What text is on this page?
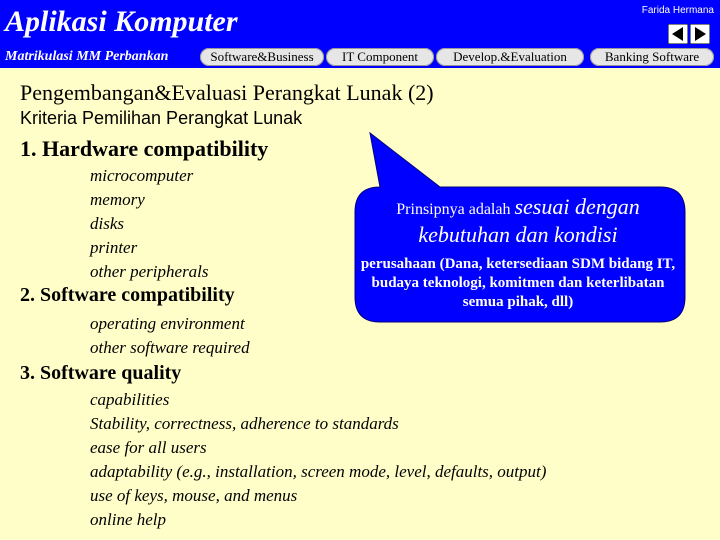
Aplikasi Komputer	Farida Hermana
Matrikulasi MM Perbankan	Software&Business	IT Component	Develop.&Evaluation	Banking Software
Pengembangan&Evaluasi Perangkat Lunak (2)
Kriteria Pemilihan Perangkat Lunak
1. Hardware compatibility
microcomputer
memory
disks
printer
other peripherals
2. Software compatibility
operating environment
other software required
3. Software quality
capabilities
Stability, correctness, adherence to standards
ease for all users
adaptability (e.g., installation, screen mode, level, defaults, output)
use of keys, mouse, and menus
online help
Prinsipnya adalah sesuai dengan
kebutuhan dan kondisi
perusahaan (Dana, ketersediaan SDM bidang IT, budaya teknologi, komitmen dan keterlibatan semua pihak, dll)
